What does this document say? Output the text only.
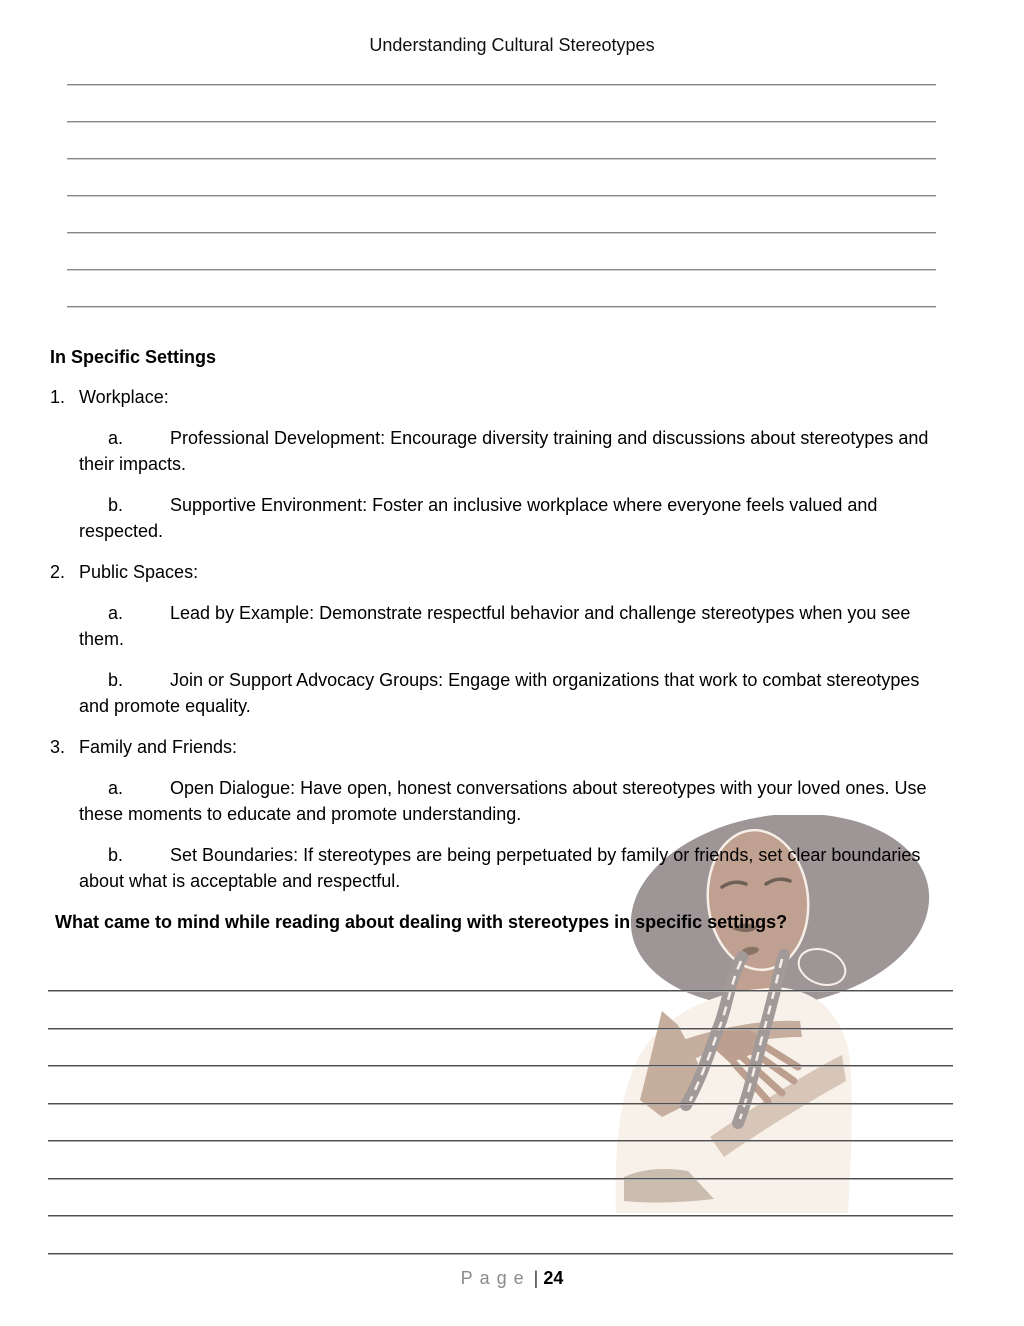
Understanding Cultural Stereotypes
In Specific Settings

1. Workplace:

a.	Professional Development: Encourage diversity training and discussions about stereotypes and their impacts.

b.	Supportive Environment: Foster an inclusive workplace where everyone feels valued and respected.

2. Public Spaces:

a.	Lead by Example: Demonstrate respectful behavior and challenge stereotypes when you see them.

b.	Join or Support Advocacy Groups: Engage with organizations that work to combat stereotypes and promote equality.

3. Family and Friends:

a.	Open Dialogue: Have open, honest conversations about stereotypes with your loved ones. Use these moments to educate and promote understanding.

b.	Set Boundaries: If stereotypes are being perpetuated by family or friends, set clear boundaries about what is acceptable and respectful.

What came to mind while reading about dealing with stereotypes in specific settings?

Page | 24
